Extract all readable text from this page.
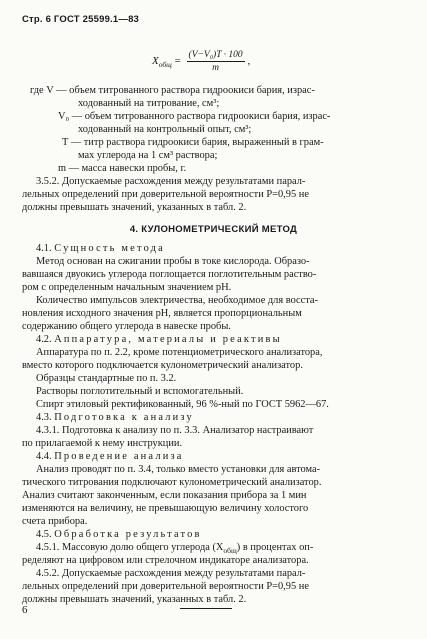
Стр. 6 ГОСТ 25599.1—83
$X_{общ} = \frac{\text{(V−V₀)T · 100}}{m}$ ,
где V — объем титрованного раствора гидроокиси бария, израс-
ходованный на титрование, см³;
V₀ — объем титрованного раствора гидроокиси бария, израс-
ходованный на контрольный опыт, см³;
T — титр раствора гидроокиси бария, выраженный в грам-
мах углерода на 1 см³ раствора;
m — масса навески пробы, г.
3.5.2. Допускаемые расхождения между результатами парал-
лельных определений при доверительной вероятности P=0,95 не
должны превышать значений, указанных в табл. 2.
4. КУЛОНОМЕТРИЧЕСКИЙ МЕТОД
4.1. Сущность метода
Метод основан на сжигании пробы в токе кислорода. Образо-
вавшаяся двуокись углерода поглощается поглотительным раство-
ром с определенным начальным значением pH.
Количество импульсов электричества, необходимое для восста-
новления исходного значения pH, является пропорциональным
содержанию общего углерода в навеске пробы.
4.2. Аппаратура, материалы и реактивы
Аппаратура по п. 2.2, кроме потенциометрического анализатора,
вместо которого подключается кулонометрический анализатор.
Образцы стандартные по п. 3.2.
Растворы поглотительный и вспомогательный.
Спирт этиловый ректификованный, 96 %-ный по ГОСТ 5962—67.
4.3. Подготовка к анализу
4.3.1. Подготовка к анализу по п. 3.3. Анализатор настраивают
по прилагаемой к нему инструкции.
4.4. Проведение анализа
Анализ проводят по п. 3.4, только вместо установки для автома-
тического титрования подключают кулонометрический анализатор.
Анализ считают законченным, если показания прибора за 1 мин
изменяются на величину, не превышающую величину холостого
счета прибора.
4.5. Обработка результатов
4.5.1. Массовую долю общего углерода $(X_{общ})$ в процентах оп-
ределяют на цифровом или стрелочном индикаторе анализатора.
4.5.2. Допускаемые расхождения между результатами парал-
лельных определений при доверительной вероятности P=0,95 не
должны превышать значений, указанных в табл. 2.
6
